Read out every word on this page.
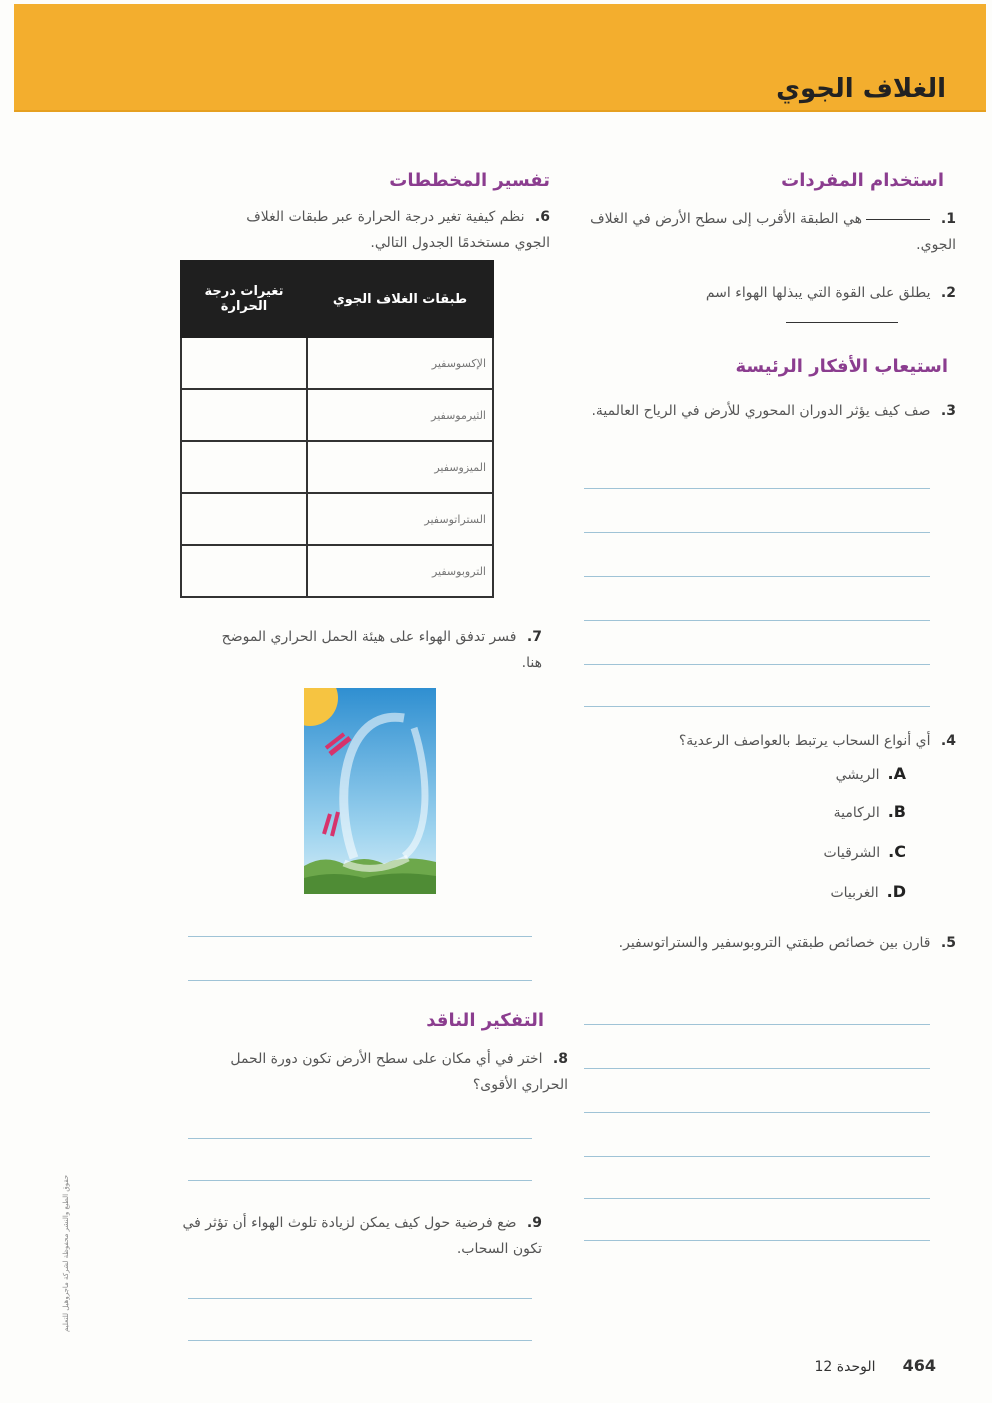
الغلاف الجوي
استخدام المفردات
1.  هي الطبقة الأقرب إلى سطح الأرض في الغلاف الجوي.
2. يطلق على القوة التي يبذلها الهواء اسم
استيعاب الأفكار الرئيسة
3. صف كيف يؤثر الدوران المحوري للأرض في الرياح العالمية.
4. أي أنواع السحاب يرتبط بالعواصف الرعدية؟
A.الريشي
B.الركامية
C.الشرقيات
D.الغربيات
5. قارن بين خصائص طبقتي التروبوسفير والستراتوسفير.
تفسير المخططات
6. نظم كيفية تغير درجة الحرارة عبر طبقات الغلاف الجوي مستخدمًا الجدول التالي.
طبقات الغلاف الجوي	تغيرات درجة الحرارة
الإكسوسفير	
الثيرموسفير	
الميزوسفير	
الستراتوسفير	
التروبوسفير	
7. فسر تدفق الهواء على هيئة الحمل الحراري الموضح هنا.
التفكير الناقد
8. اختر في أي مكان على سطح الأرض تكون دورة الحمل الحراري الأقوى؟
9. ضع فرضية حول كيف يمكن لزيادة تلوث الهواء أن تؤثر في تكون السحاب.
حقوق الطبع والنشر محفوظة لشركة ماجروهيل للتعليم
464 الوحدة 12
